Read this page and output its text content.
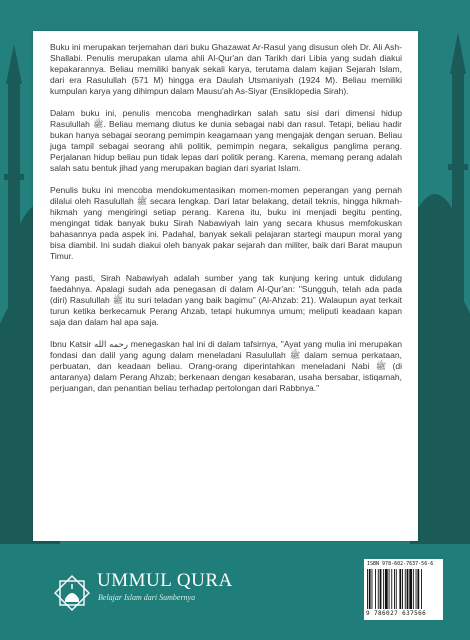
Buku ini merupakan terjemahan dari buku Ghazawat Ar-Rasul yang disusun oleh Dr. Ali Ash-Shallabi. Penulis merupakan ulama ahli Al-Qur'an dan Tarikh dari Libia yang sudah diakui kepakarannya. Beliau memiliki banyak sekali karya, terutama dalam kajian Sejarah Islam, dari era Rasulullah (571 M) hingga era Daulah Utsmaniyah (1924 M). Beliau memiliki kumpulan karya yang dihimpun dalam Mausu'ah As-Siyar (Ensiklopedia Sirah).

Dalam buku ini, penulis mencoba menghadirkan salah satu sisi dari dimensi hidup Rasulullah ﷺ. Beliau memang diutus ke dunia sebagai nabi dan rasul. Tetapi, beliau hadir bukan hanya sebagai seorang pemimpin keagamaan yang mengajak dengan seruan. Beliau juga tampil sebagai seorang ahli politik, pemimpin negara, sekaligus panglima perang. Perjalanan hidup beliau pun tidak lepas dari politik perang. Karena, memang perang adalah salah satu bentuk jihad yang merupakan bagian dari syariat Islam.

Penulis buku ini mencoba mendokumentasikan momen-momen peperangan yang pernah dilalui oleh Rasulullah ﷺ secara lengkap. Dari latar belakang, detail teknis, hingga hikmah-hikmah yang mengiringi setiap perang. Karena itu, buku ini menjadi begitu penting, mengingat tidak banyak buku Sirah Nabawiyah lain yang secara khusus memfokuskan bahasannya pada aspek ini. Padahal, banyak sekali pelajaran startegi maupun moral yang bisa diambil. Ini sudah diakui oleh banyak pakar sejarah dan militer, baik dari Barat maupun Timur.

Yang pasti, Sirah Nabawiyah adalah sumber yang tak kunjung kering untuk didulang faedahnya. Apalagi sudah ada penegasan di dalam Al-Qur'an: "Sungguh, telah ada pada (diri) Rasulullah ﷺ itu suri teladan yang baik bagimu" (Al-Ahzab: 21). Walaupun ayat terkait turun ketika berkecamuk Perang Ahzab, tetapi hukumnya umum; meliputi keadaan kapan saja dan dalam hal apa saja.

Ibnu Katsir رحمه الله menegaskan hal ini di dalam tafsirnya, "Ayat yang mulia ini merupakan fondasi dan dalil yang agung dalam meneladani Rasulullah ﷺ dalam semua perkataan, perbuatan, dan keadaan beliau. Orang-orang diperintahkan meneladani Nabi ﷺ (di antaranya) dalam Perang Ahzab; berkenaan dengan kesabaran, usaha bersabar, istiqamah, perjuangan, dan penantian beliau terhadap pertolongan dari Rabbnya."

UMMUL QURA
Belajar Islam dari Sumbernya
ISBN 978-602-7637-56-6
9 786027 637566
